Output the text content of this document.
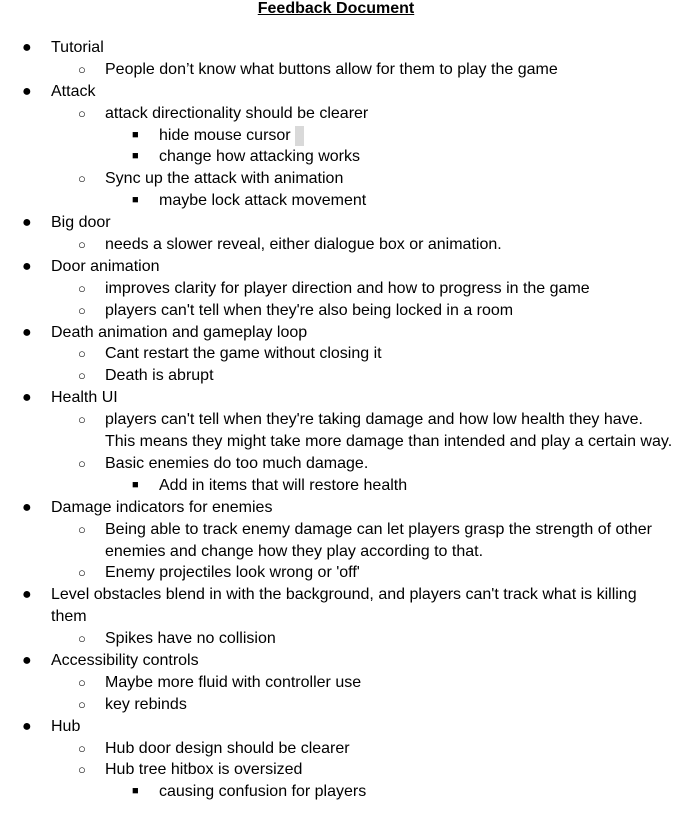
Feedback Document
● Tutorial
○ People don’t know what buttons allow for them to play the game
● Attack
○ attack directionality should be clearer
■ hide mouse cursor
■ change how attacking works
○ Sync up the attack with animation
■ maybe lock attack movement
● Big door
○ needs a slower reveal, either dialogue box or animation.
● Door animation
○ improves clarity for player direction and how to progress in the game
○ players can't tell when they're also being locked in a room
● Death animation and gameplay loop
○ Cant restart the game without closing it
○ Death is abrupt
● Health UI
○ players can't tell when they're taking damage and how low health they have. This means they might take more damage than intended and play a certain way.
○ Basic enemies do too much damage.
■ Add in items that will restore health
● Damage indicators for enemies
○ Being able to track enemy damage can let players grasp the strength of other enemies and change how they play according to that.
○ Enemy projectiles look wrong or 'off'
● Level obstacles blend in with the background, and players can't track what is killing them
○ Spikes have no collision
● Accessibility controls
○ Maybe more fluid with controller use
○ key rebinds
● Hub
○ Hub door design should be clearer
○ Hub tree hitbox is oversized
■ causing confusion for players
